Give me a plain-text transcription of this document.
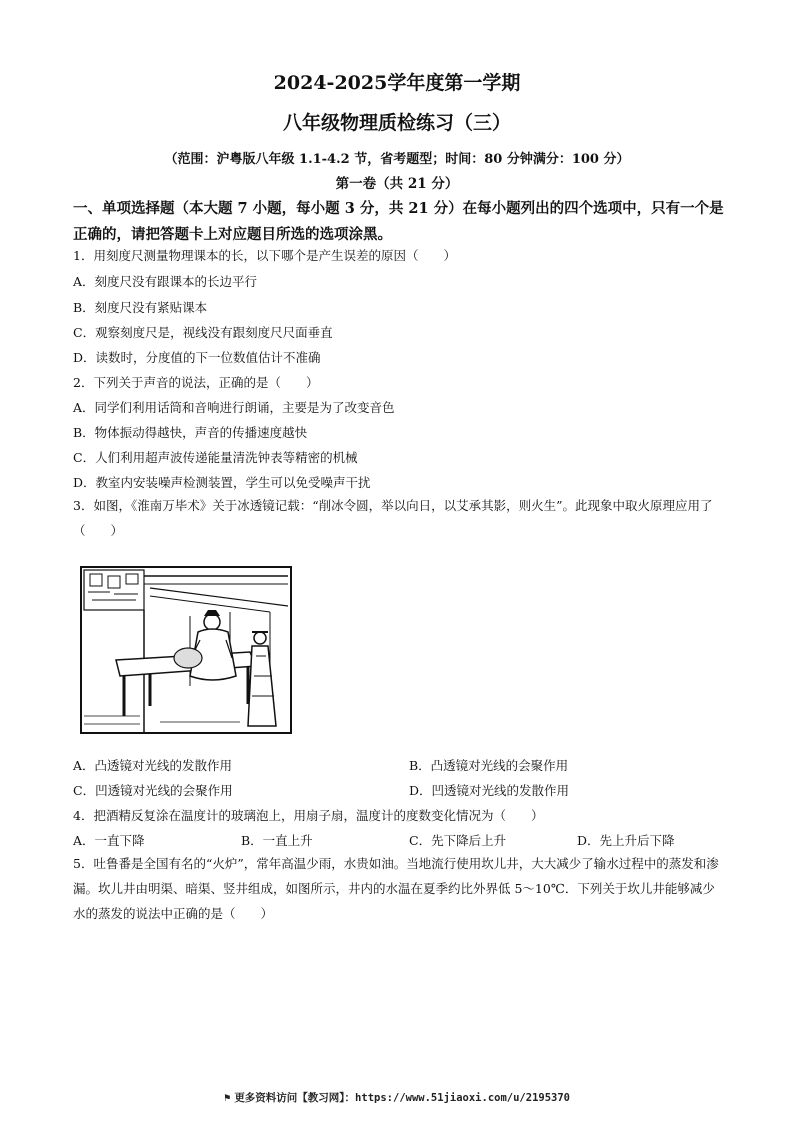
2024-2025学年度第一学期
八年级物理质检练习（三）
（范围：沪粤版八年级 1.1-4.2 节，省考题型；时间：80 分钟满分：100 分）
第一卷（共 21 分）
一、单项选择题（本大题 7 小题，每小题 3 分，共 21 分）在每小题列出的四个选项中，只有一个是正确的，请把答题卡上对应题目所选的选项涂黑。
1．用刻度尺测量物理课本的长，以下哪个是产生误差的原因（　　）
A．刻度尺没有跟课本的长边平行
B．刻度尺没有紧贴课本
C．观察刻度尺是，视线没有跟刻度尺尺面垂直
D．读数时，分度值的下一位数值估计不准确
2．下列关于声音的说法，正确的是（　　）
A．同学们利用话筒和音响进行朗诵，主要是为了改变音色
B．物体振动得越快，声音的传播速度越快
C．人们利用超声波传递能量清洗钟表等精密的机械
D．教室内安装噪声检测装置，学生可以免受噪声干扰
3．如图，《淮南万毕术》关于冰透镜记载：“削冰令圆，举以向日，以艾承其影，则火生”。此现象中取火原理应用了（　　）
A．凸透镜对光线的发散作用	B．凸透镜对光线的会聚作用
C．凹透镜对光线的会聚作用	D．凹透镜对光线的发散作用
4．把酒精反复涂在温度计的玻璃泡上，用扇子扇，温度计的度数变化情况为（　　）
A．一直下降	B．一直上升	C．先下降后上升	D．先上升后下降
5．吐鲁番是全国有名的“火炉”，常年高温少雨，水贵如油。当地流行使用坎儿井，大大减少了输水过程中的蒸发和渗漏。坎儿井由明渠、暗渠、竖井组成，如图所示，井内的水温在夏季约比外界低 5～10℃．下列关于坎儿井能够减少水的蒸发的说法中正确的是（　　）
⚑ 更多资料访问【教习网】：https://www.51jiaoxi.com/u/2195370
